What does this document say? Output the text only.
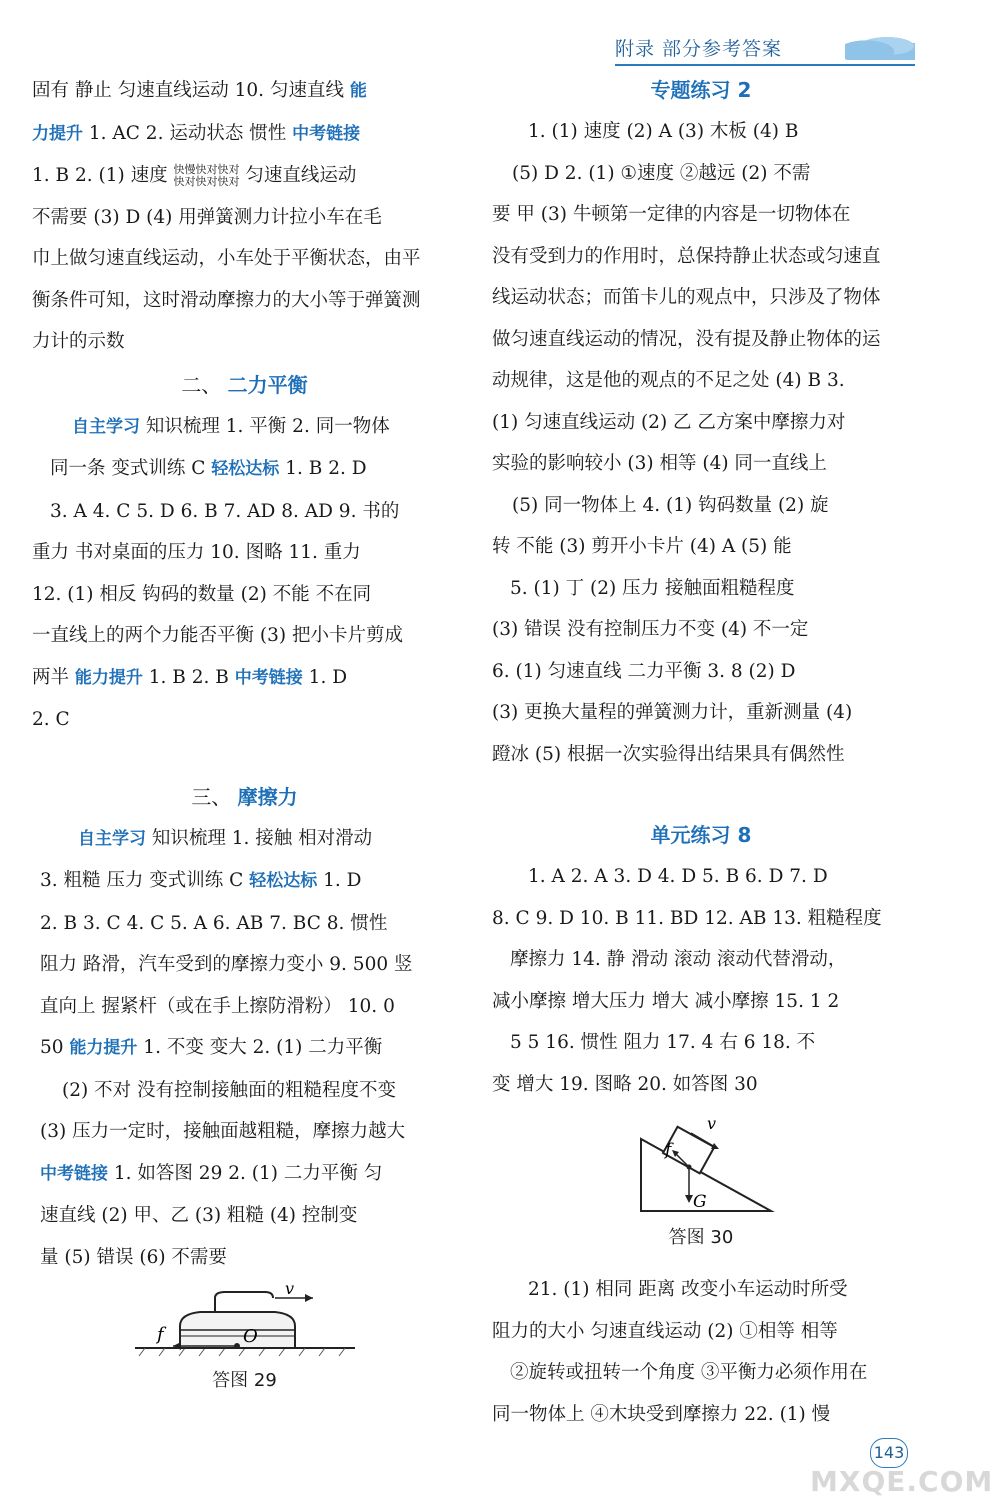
附录 部分参考答案

固有 静止 匀速直线运动 10. 匀速直线 能

力提升 1. AC 2. 运动状态 惯性 中考链接

1. B 2. (1) 速度 快慢快对快对
快对快对快对 匀速直线运动

不需要 (3) D (4) 用弹簧测力计拉小车在毛

巾上做匀速直线运动，小车处于平衡状态，由平

衡条件可知，这时滑动摩擦力的大小等于弹簧测

力计的示数

二、 二力平衡

自主学习 知识梳理 1. 平衡 2. 同一物体

同一条 变式训练 C 轻松达标 1. B 2. D

3. A 4. C 5. D 6. B 7. AD 8. AD 9. 书的

重力 书对桌面的压力 10. 图略 11. 重力

12. (1) 相反 钩码的数量 (2) 不能 不在同

一直线上的两个力能否平衡 (3) 把小卡片剪成

两半 能力提升 1. B 2. B 中考链接 1. D

2. C

三、 摩擦力

自主学习 知识梳理 1. 接触 相对滑动

3. 粗糙 压力 变式训练 C 轻松达标 1. D

2. B 3. C 4. C 5. A 6. AB 7. BC 8. 惯性

阻力 路滑，汽车受到的摩擦力变小 9. 500 竖

直向上 握紧杆（或在手上擦防滑粉） 10. 0

50 能力提升 1. 不变 变大 2. (1) 二力平衡

(2) 不对 没有控制接触面的粗糙程度不变

(3) 压力一定时，接触面越粗糙，摩擦力越大

中考链接 1. 如答图 29 2. (1) 二力平衡 匀

速直线 (2) 甲、乙 (3) 粗糙 (4) 控制变

量 (5) 错误 (6) 不需要

f	O
v
答图 29
专题练习 2

1. (1) 速度 (2) A (3) 木板 (4) B

(5) D 2. (1) ①速度 ②越远 (2) 不需

要 甲 (3) 牛顿第一定律的内容是一切物体在

没有受到力的作用时，总保持静止状态或匀速直

线运动状态；而笛卡儿的观点中，只涉及了物体

做匀速直线运动的情况，没有提及静止物体的运

动规律，这是他的观点的不足之处 (4) B 3.

(1) 匀速直线运动 (2) 乙 乙方案中摩擦力对

实验的影响较小 (3) 相等 (4) 同一直线上

(5) 同一物体上 4. (1) 钩码数量 (2) 旋

转 不能 (3) 剪开小卡片 (4) A (5) 能

5. (1) 丁 (2) 压力 接触面粗糙程度

(3) 错误 没有控制压力不变 (4) 不一定

6. (1) 匀速直线 二力平衡 3. 8 (2) D

(3) 更换大量程的弹簧测力计，重新测量 (4)

蹬冰 (5) 根据一次实验得出结果具有偶然性

单元练习 8

1. A 2. A 3. D 4. D 5. B 6. D 7. D

8. C 9. D 10. B 11. BD 12. AB 13. 粗糙程度

摩擦力 14. 静 滑动 滚动 滚动代替滑动，

减小摩擦 增大压力 增大 减小摩擦 15. 1 2

5 5 16. 惯性 阻力 17. 4 右 6 18. 不

变 增大 19. 图略 20. 如答图 30

v
f
G
答图 30

21. (1) 相同 距离 改变小车运动时所受

阻力的大小 匀速直线运动 (2) ①相等 相等

②旋转或扭转一个角度 ③平衡力必须作用在

同一物体上 ④木块受到摩擦力 22. (1) 慢

143
MXQE.COM
